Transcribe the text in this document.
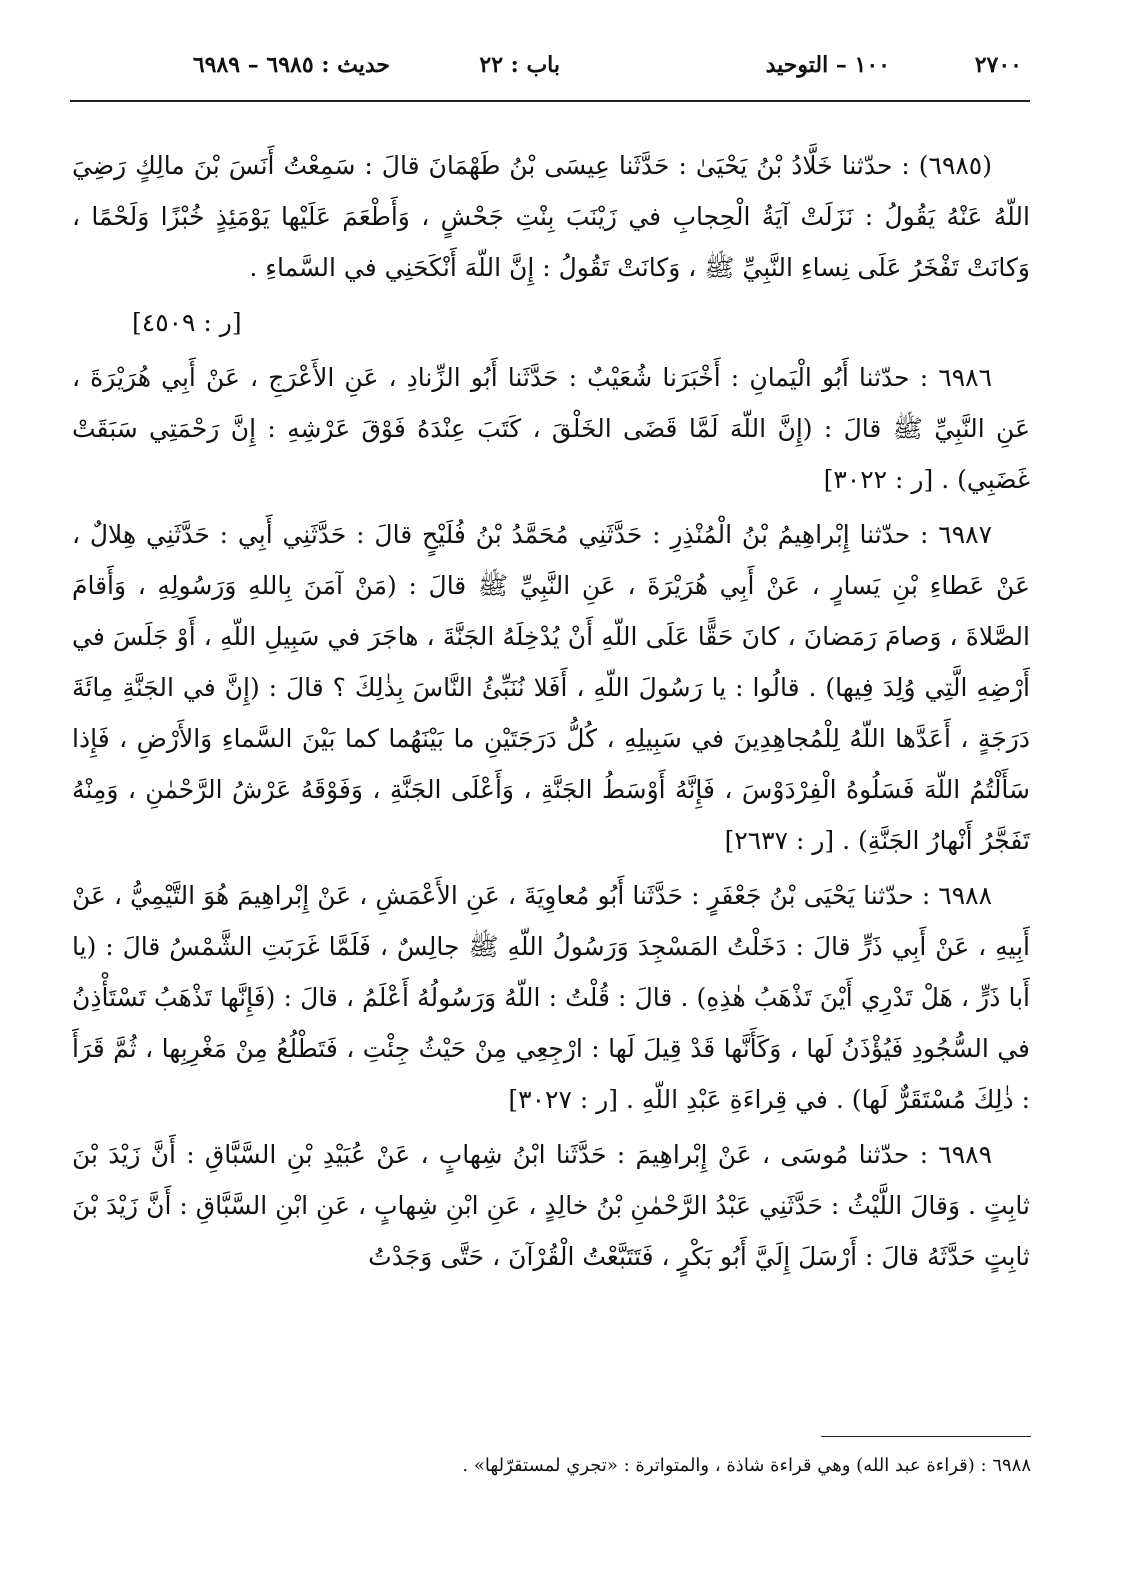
٢٧٠٠
١٠٠ – التوحيد
باب : ٢٢
حديث : ٦٩٨٥ – ٦٩٨٩

(٦٩٨٥) : حدّثنا خَلَّادُ بْنُ يَحْيَىٰ : حَدَّثَنا عِيسَى بْنُ طَهْمَانَ قالَ : سَمِعْتُ أَنَسَ بْنَ مالِكٍ رَضِيَ اللّهُ عَنْهُ يَقُولُ : نَزَلَتْ آيَةُ الْحِجابِ في زَيْنَبَ بِنْتِ جَحْشٍ ، وَأَطْعَمَ عَلَيْها يَوْمَئِذٍ خُبْزًا وَلَحْمًا ، وَكانَتْ تَفْخَرُ عَلَى نِساءِ النَّبِيِّ ﷺ ، وَكانَتْ تَقُولُ : إِنَّ اللّهَ أَنْكَحَنِي في السَّماءِ .

[ر : ٤٥٠٩]

٦٩٨٦ : حدّثنا أَبُو الْيَمانِ : أَخْبَرَنا شُعَيْبٌ : حَدَّثَنا أَبُو الزِّنادِ ، عَنِ الأَعْرَجِ ، عَنْ أَبِي هُرَيْرَةَ ، عَنِ النَّبِيِّ ﷺ قالَ : (إِنَّ اللّهَ لَمَّا قَضَى الخَلْقَ ، كَتَبَ عِنْدَهُ فَوْقَ عَرْشِهِ : إِنَّ رَحْمَتِي سَبَقَتْ غَضَبِي) . [ر : ٣٠٢٢]

٦٩٨٧ : حدّثنا إِبْراهِيمُ بْنُ الْمُنْذِرِ : حَدَّثَنِي مُحَمَّدُ بْنُ فُلَيْحٍ قالَ : حَدَّثَنِي أَبِي : حَدَّثَنِي هِلالٌ ، عَنْ عَطاءِ بْنِ يَسارٍ ، عَنْ أَبِي هُرَيْرَةَ ، عَنِ النَّبِيِّ ﷺ قالَ : (مَنْ آمَنَ بِاللهِ وَرَسُولِهِ ، وَأَقامَ الصَّلاةَ ، وَصامَ رَمَضانَ ، كانَ حَقًّا عَلَى اللّهِ أَنْ يُدْخِلَهُ الجَنَّةَ ، هاجَرَ في سَبِيلِ اللّهِ ، أَوْ جَلَسَ في أَرْضِهِ الَّتِي وُلِدَ فِيها) . قالُوا : يا رَسُولَ اللّهِ ، أَفَلا نُنَبِّئُ النَّاسَ بِذٰلِكَ ؟ قالَ : (إِنَّ في الجَنَّةِ مِائَةَ دَرَجَةٍ ، أَعَدَّها اللّهُ لِلْمُجاهِدِينَ في سَبِيلِهِ ، كُلُّ دَرَجَتَيْنِ ما بَيْنَهُما كما بَيْنَ السَّماءِ وَالأَرْضِ ، فَإِذا سَأَلْتُمُ اللّهَ فَسَلُوهُ الْفِرْدَوْسَ ، فَإِنَّهُ أَوْسَطُ الجَنَّةِ ، وَأَعْلَى الجَنَّةِ ، وَفَوْقَهُ عَرْشُ الرَّحْمٰنِ ، وَمِنْهُ تَفَجَّرُ أَنْهارُ الجَنَّةِ) . [ر : ٢٦٣٧]

٦٩٨٨ : حدّثنا يَحْيَى بْنُ جَعْفَرٍ : حَدَّثَنا أَبُو مُعاوِيَةَ ، عَنِ الأَعْمَشِ ، عَنْ إِبْراهِيمَ هُوَ التَّيْمِيُّ ، عَنْ أَبِيهِ ، عَنْ أَبِي ذَرٍّ قالَ : دَخَلْتُ المَسْجِدَ وَرَسُولُ اللّهِ ﷺ جالِسٌ ، فَلَمَّا غَرَبَتِ الشَّمْسُ قالَ : (يا أَبا ذَرٍّ ، هَلْ تَدْرِي أَيْنَ تَذْهَبُ هٰذِهِ) . قالَ : قُلْتُ : اللّهُ وَرَسُولُهُ أَعْلَمُ ، قالَ : (فَإِنَّها تَذْهَبُ تَسْتَأْذِنُ في السُّجُودِ فَيُؤْذَنُ لَها ، وَكَأَنَّها قَدْ قِيلَ لَها : ارْجِعِي مِنْ حَيْثُ جِئْتِ ، فَتَطْلُعُ مِنْ مَغْرِبِها ، ثُمَّ قَرَأَ : ذٰلِكَ مُسْتَقَرٌّ لَها) . في قِراءَةِ عَبْدِ اللّهِ . [ر : ٣٠٢٧]

٦٩٨٩ : حدّثنا مُوسَى ، عَنْ إِبْراهِيمَ : حَدَّثَنا ابْنُ شِهابٍ ، عَنْ عُبَيْدِ بْنِ السَّبَّاقِ : أَنَّ زَيْدَ بْنَ ثابِتٍ . وَقالَ اللَّيْثُ : حَدَّثَنِي عَبْدُ الرَّحْمٰنِ بْنُ خالِدٍ ، عَنِ ابْنِ شِهابٍ ، عَنِ ابْنِ السَّبَّاقِ : أَنَّ زَيْدَ بْنَ ثابِتٍ حَدَّثَهُ قالَ : أَرْسَلَ إِلَيَّ أَبُو بَكْرٍ ، فَتَتَبَّعْتُ الْقُرْآنَ ، حَتَّى وَجَدْتُ

٦٩٨٨ : (قراءة عبد الله) وهي قراءة شاذة ، والمتواترة : «تجري لمستقرّلها» .
